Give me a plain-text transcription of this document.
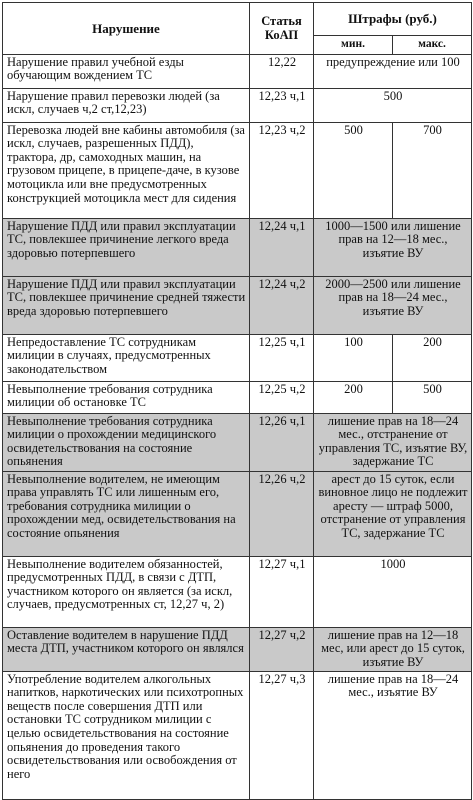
Нарушение	Статья КоАП	Штрафы (руб.)	
		мин.	макс.
Нарушение правил учебной езды обучающим вождением ТС	12,22	предупреждение или 100	
Нарушение правил перевозки людей (за искл, случаев ч,2 ст,12,23)	12,23 ч,1	500	
Перевозка людей вне кабины автомобиля (за искл, случаев, разрешенных ПДД), трактора, др, самоходных машин, на грузовом прицепе, в прицепе-даче, в кузове мотоцикла или вне предусмотренных конструкцией мотоцикла мест для сидения	12,23 ч,2	500	700
Нарушение ПДД или правил эксплуатации ТС, повлекшее причинение легкого вреда здоровью потерпевшего	12,24 ч,1	1000—1500 или лишение прав на 12—18 мес., изъятие ВУ	
Нарушение ПДД или правил эксплуатации ТС, повлекшее причинение средней тяжести вреда здоровью потерпевшего	12,24 ч,2	2000—2500 или лишение прав на 18—24 мес., изъятие ВУ	
Непредоставление ТС сотрудникам милиции в случаях, предусмотренных законодательством	12,25 ч,1	100	200
Невыполнение требования сотрудника милиции об остановке ТС	12,25 ч,2	200	500
Невыполнение требования сотрудника милиции о прохождении медицинского освидетельствования на состояние опьянения	12,26 ч,1	лишение прав на 18—24 мес., отстранение от управления ТС, изъятие ВУ, задержание ТС	
Невыполнение водителем, не имеющим права управлять ТС или лишенным его, требования сотрудника милиции о прохождении мед, освидетельствования на состояние опьянения	12,26 ч,2	арест до 15 суток, если виновное лицо не подлежит аресту — штраф 5000, отстранение от управления ТС, задержание ТС	
Невыполнение водителем обязанностей, предусмотренных ПДД, в связи с ДТП, участником которого он является (за искл, случаев, предусмотренных ст, 12,27 ч, 2)	12,27 ч,1	1000	
Оставление водителем в нарушение ПДД места ДТП, участником которого он являлся	12,27 ч,2	лишение прав на 12—18 мес, или арест до 15 суток, изъятие ВУ	
Употребление водителем алкогольных напитков, наркотических или психотропных веществ после совершения ДТП или остановки ТС сотрудником милиции с целью освидетельствования на состояние опьянения до проведения такого освидетельствования или освобождения от него	12,27 ч,3	лишение прав на 18—24 мес., изъятие ВУ	
